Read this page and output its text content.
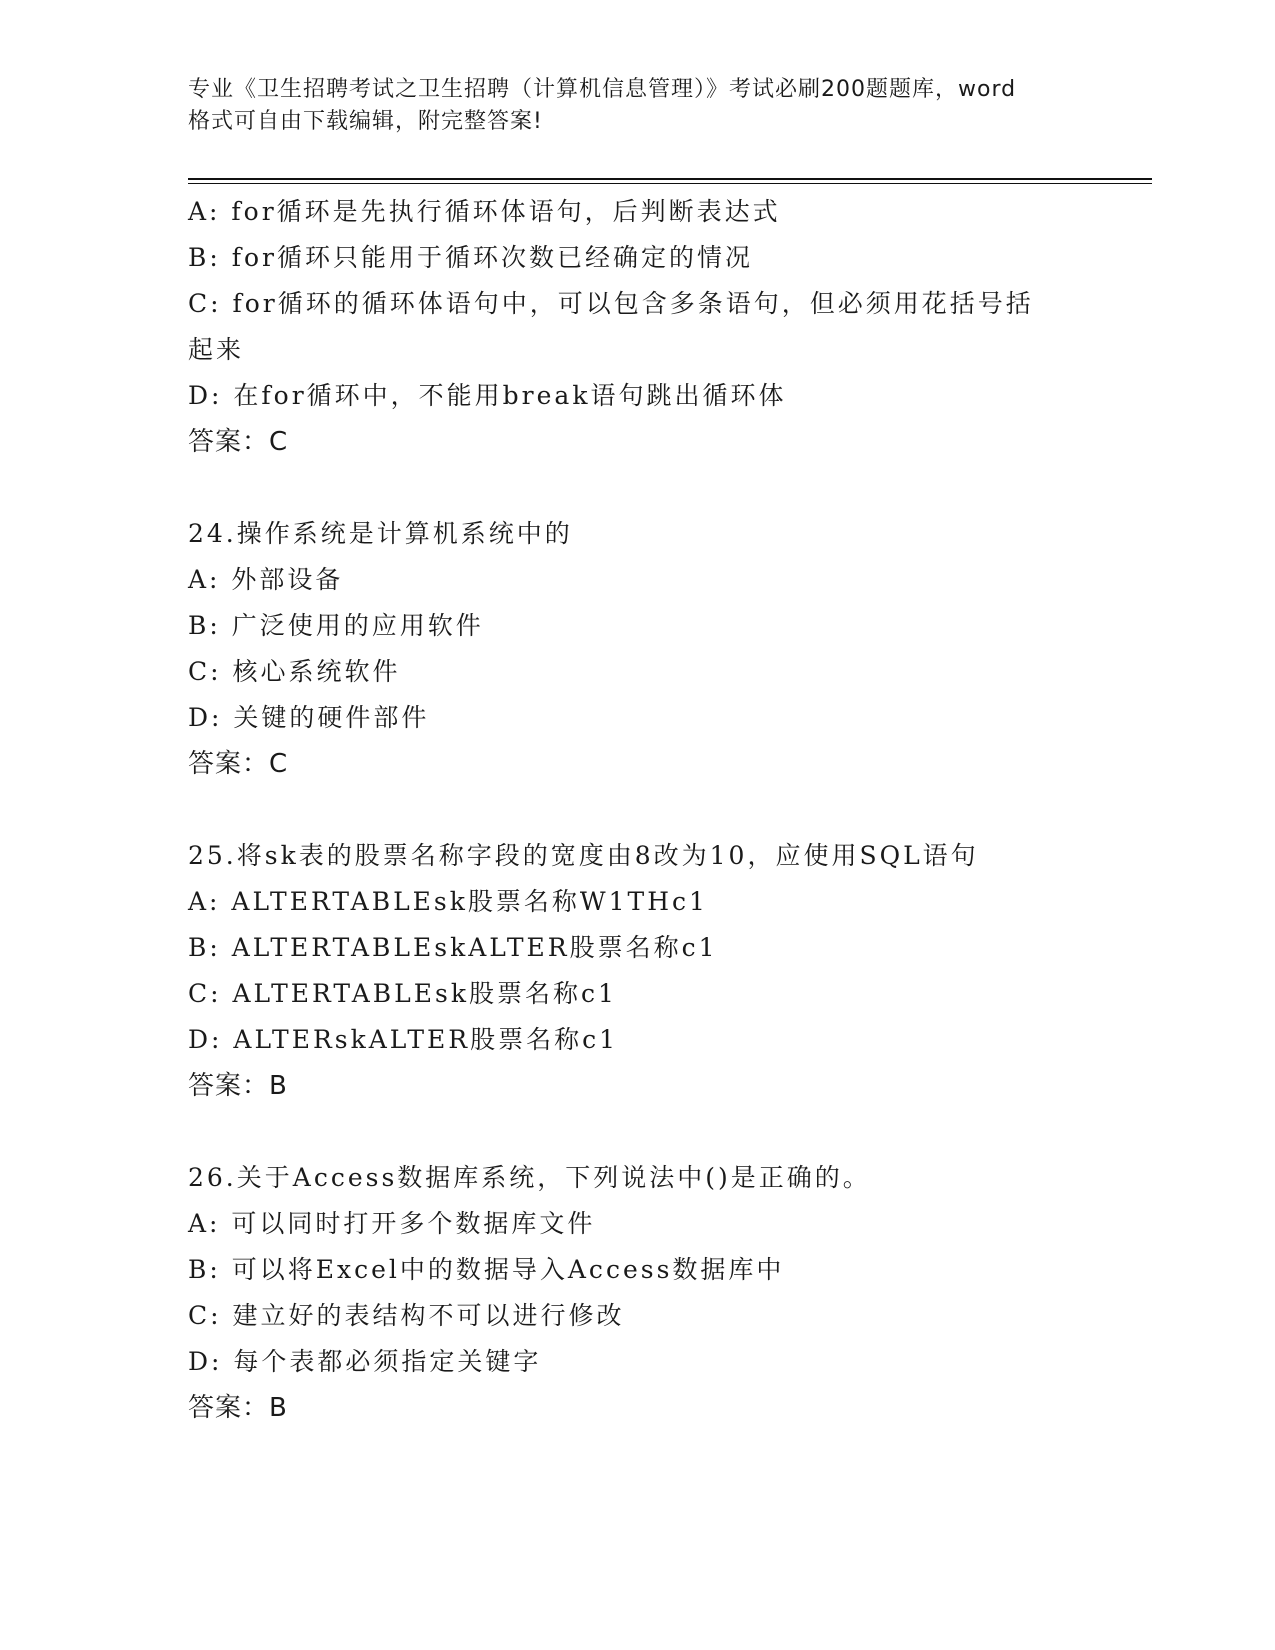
专业《卫生招聘考试之卫生招聘（计算机信息管理）》考试必刷200题题库，word
格式可自由下载编辑，附完整答案!
A: for循环是先执行循环体语句，后判断表达式
B: for循环只能用于循环次数已经确定的情况
C: for循环的循环体语句中，可以包含多条语句，但必须用花括号括
起来
D: 在for循环中，不能用break语句跳出循环体
答案：C
24.操作系统是计算机系统中的
A: 外部设备
B: 广泛使用的应用软件
C: 核心系统软件
D: 关键的硬件部件
答案：C
25.将sk表的股票名称字段的宽度由8改为10，应使用SQL语句
A: ALTERTABLEsk股票名称W1THc1
B: ALTERTABLEskALTER股票名称c1
C: ALTERTABLEsk股票名称c1
D: ALTERskALTER股票名称c1
答案：B
26.关于Access数据库系统，下列说法中()是正确的。
A: 可以同时打开多个数据库文件
B: 可以将Excel中的数据导入Access数据库中
C: 建立好的表结构不可以进行修改
D: 每个表都必须指定关键字
答案：B
